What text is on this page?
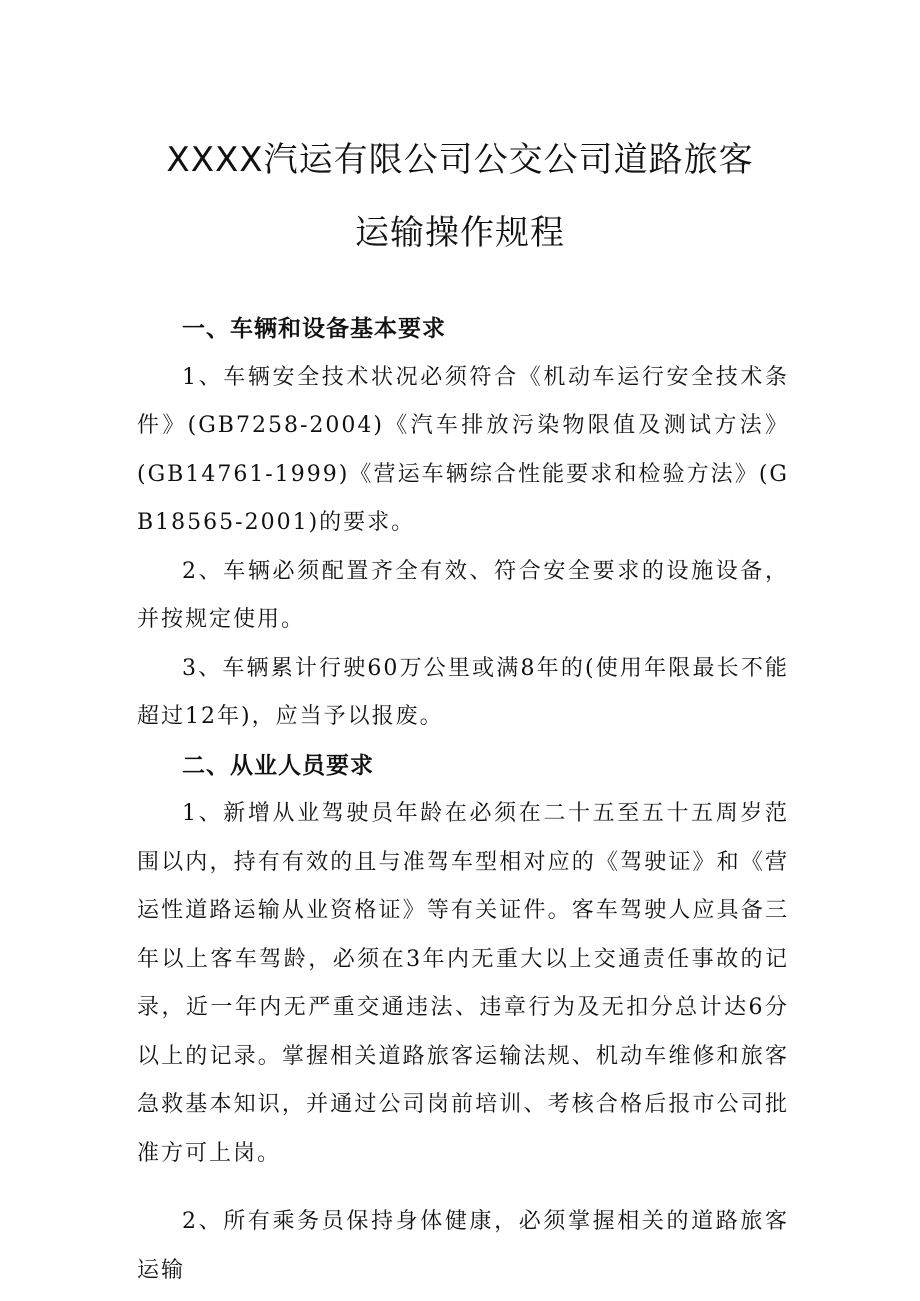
XXXX汽运有限公司公交公司道路旅客
运输操作规程
一、车辆和设备基本要求

1、车辆安全技术状况必须符合《机动车运行安全技术条件》(GB7258-2004)《汽车排放污染物限值及测试方法》(GB14761-1999)《营运车辆综合性能要求和检验方法》(GB18565-2001)的要求。

2、车辆必须配置齐全有效、符合安全要求的设施设备，并按规定使用。

3、车辆累计行驶60万公里或满8年的(使用年限最长不能超过12年)，应当予以报废。

二、从业人员要求

1、新增从业驾驶员年龄在必须在二十五至五十五周岁范围以内，持有有效的且与准驾车型相对应的《驾驶证》和《营运性道路运输从业资格证》等有关证件。客车驾驶人应具备三年以上客车驾龄，必须在3年内无重大以上交通责任事故的记录，近一年内无严重交通违法、违章行为及无扣分总计达6分以上的记录。掌握相关道路旅客运输法规、机动车维修和旅客急救基本知识，并通过公司岗前培训、考核合格后报市公司批准方可上岗。

2、所有乘务员保持身体健康，必须掌握相关的道路旅客运输
